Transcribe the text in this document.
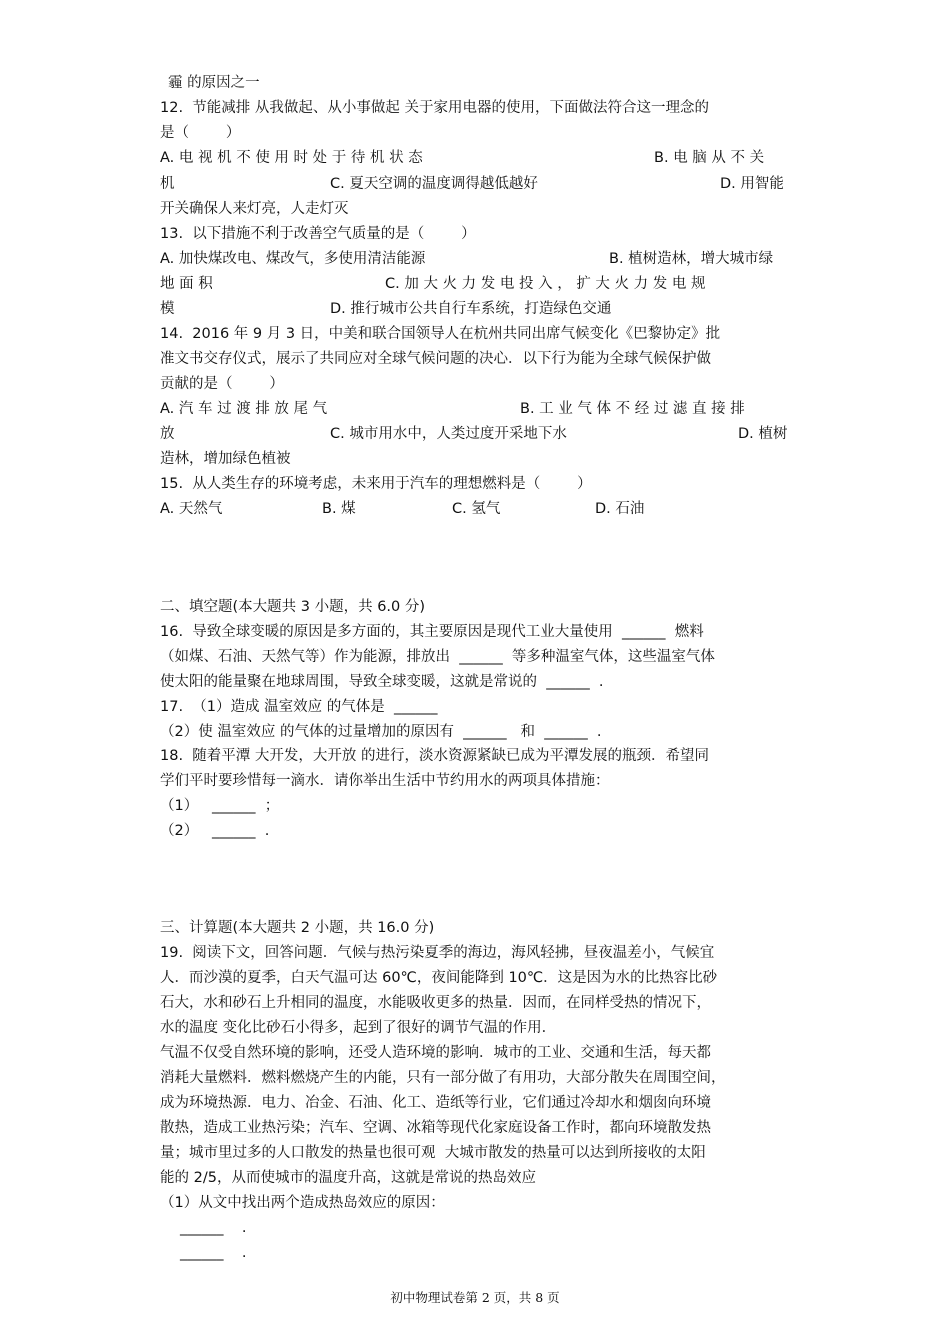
霾 的原因之一
12.  节能减排 从我做起、从小事做起 关于家用电器的使用，下面做法符合这一理念的
是（        ）
A. 电 视 机 不 使 用 时 处 于 待 机 状 态	B. 电 脑 从 不 关
机	C. 夏天空调的温度调得越低越好	D. 用智能
开关确保人来灯亮，人走灯灭
13.  以下措施不利于改善空气质量的是（        ）
A. 加快煤改电、煤改气，多使用清洁能源	B. 植树造林，增大城市绿
地 面 积	C. 加 大 火 力 发 电 投 入 ， 扩 大 火 力 发 电 规
模	D. 推行城市公共自行车系统，打造绿色交通
14.  2016 年 9 月 3 日，中美和联合国领导人在杭州共同出席气候变化《巴黎协定》批
准文书交存仪式，展示了共同应对全球气候问题的决心．以下行为能为全球气候保护做
贡献的是（        ）
A. 汽 车 过 渡 排 放 尾 气	B. 工 业 气 体 不 经 过 滤 直 接 排
放	C. 城市用水中，人类过度开采地下水	D. 植树
造林，增加绿色植被
15.  从人类生存的环境考虑，未来用于汽车的理想燃料是（        ）
A. 天然气	B. 煤	C. 氢气	D. 石油
二、填空题(本大题共 3 小题，共 6.0 分)
16.  导致全球变暖的原因是多方面的，其主要原因是现代工业大量使用  ______  燃料
（如煤、石油、天然气等）作为能源，排放出  ______  等多种温室气体，这些温室气体
使太阳的能量聚在地球周围，导致全球变暖，这就是常说的  ______  .
17.  （1）造成 温室效应 的气体是  ______
（2）使 温室效应 的气体的过量增加的原因有  ______   和  ______  .
18.  随着平潭 大开发，大开放 的进行，淡水资源紧缺已成为平潭发展的瓶颈．希望同
学们平时要珍惜每一滴水．请你举出生活中节约用水的两项具体措施：
（1）   ______  ；
（2）   ______  .
三、计算题(本大题共 2 小题，共 16.0 分)
19.  阅读下文，回答问题．气候与热污染夏季的海边，海风轻拂，昼夜温差小，气候宜
人．而沙漠的夏季，白天气温可达 60℃，夜间能降到 10℃．这是因为水的比热容比砂
石大，水和砂石上升相同的温度，水能吸收更多的热量．因而，在同样受热的情况下，
水的温度 变化比砂石小得多，起到了很好的调节气温的作用．
气温不仅受自然环境的影响，还受人造环境的影响．城市的工业、交通和生活，每天都
消耗大量燃料．燃料燃烧产生的内能，只有一部分做了有用功，大部分散失在周围空间，
成为环境热源．电力、冶金、石油、化工、造纸等行业，它们通过冷却水和烟囱向环境
散热，造成工业热污染；汽车、空调、冰箱等现代化家庭设备工作时，都向环境散发热
量；城市里过多的人口散发的热量也很可观  大城市散发的热量可以达到所接收的太阳
能的 2/5，从而使城市的温度升高，这就是常说的热岛效应
（1）从文中找出两个造成热岛效应的原因：
______    .
______    .
初中物理试卷第 2 页，共 8 页
